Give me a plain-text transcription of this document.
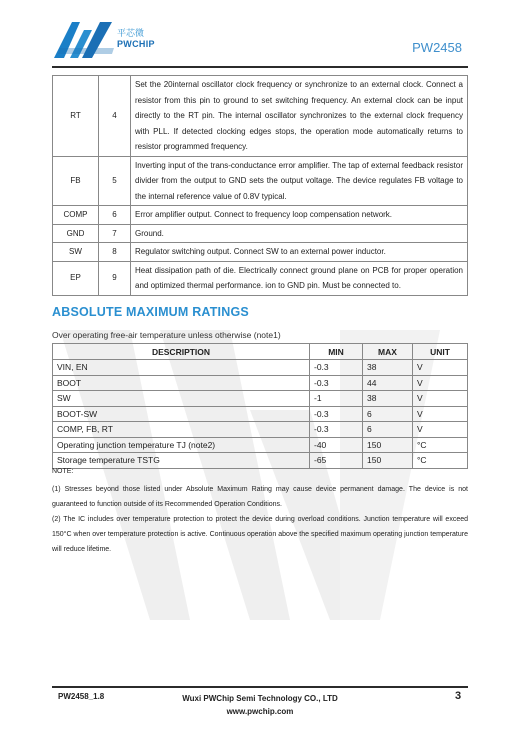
平芯微
PWCHIP	PW2458
RT	4	Set the 20internal oscillator clock frequency or synchronize to an external clock. Connect a resistor from this pin to ground to set switching frequency. An external clock can be input directly to the RT pin. The internal oscillator synchronizes to the external clock frequency with PLL. If detected clocking edges stops, the operation mode automatically returns to resistor programmed frequency.
FB	5	Inverting input of the trans-conductance error amplifier. The tap of external feedback resistor divider from the output to GND sets the output voltage. The device regulates FB voltage to the internal reference value of 0.8V typical.
COMP	6	Error amplifier output. Connect to frequency loop compensation network.
GND	7	Ground.
SW	8	Regulator switching output. Connect SW to an external power inductor.
EP	9	Heat dissipation path of die. Electrically connect ground plane on PCB for proper operation and optimized thermal performance. ion to GND pin. Must be connected to.
ABSOLUTE MAXIMUM RATINGS
Over operating free-air temperature unless otherwise (note1)
DESCRIPTION	MIN	MAX	UNIT
VIN, EN	-0.3	38	V
BOOT	-0.3	44	V
SW	-1	38	V
BOOT-SW	-0.3	6	V
COMP, FB, RT	-0.3	6	V
Operating junction temperature TJ (note2)	-40	150	°C
Storage temperature TSTG	-65	150	°C
NOTE:
(1) Stresses beyond those listed under Absolute Maximum Rating may cause device permanent damage. The device is not guaranteed to function outside of its Recommended Operation Conditions.
(2) The IC includes over temperature protection to protect the device during overload conditions. Junction temperature will exceed 150°C when over temperature protection is active. Continuous operation above the specified maximum operating junction temperature will reduce lifetime.
PW2458_1.8	Wuxi PWChip Semi Technology CO., LTD
www.pwchip.com
3
